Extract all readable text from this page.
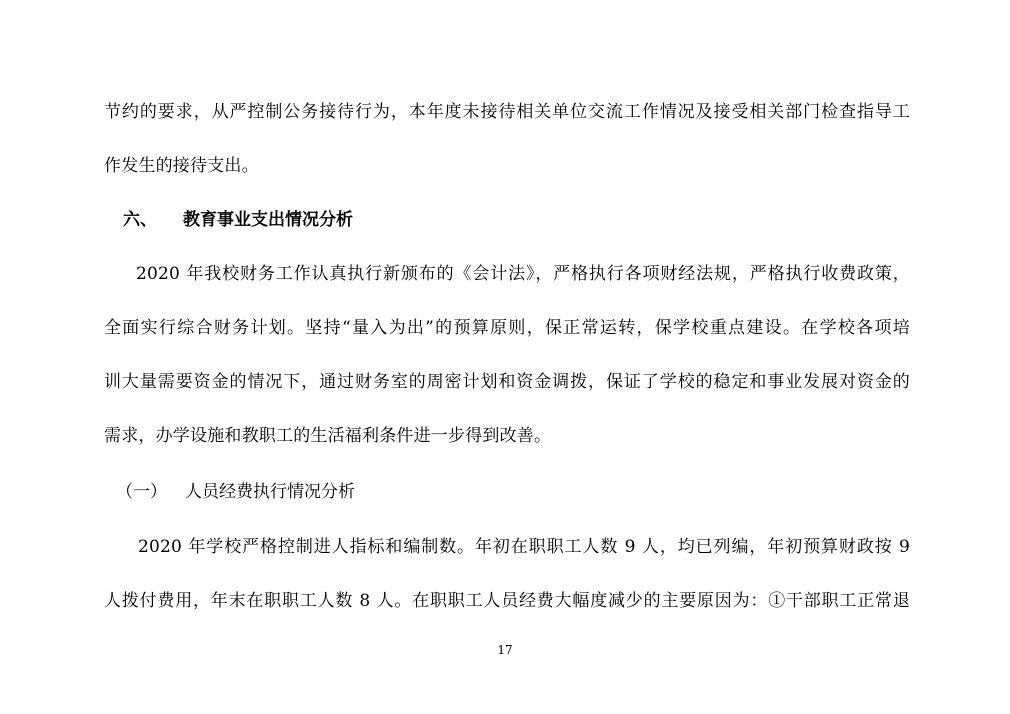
节约的要求，从严控制公务接待行为，本年度未接待相关单位交流工作情况及接受相关部门检查指导工
作发生的接待支出。
六、 教育事业支出情况分析
2020 年我校财务工作认真执行新颁布的《会计法》，严格执行各项财经法规，严格执行收费政策，
全面实行综合财务计划。坚持“量入为出”的预算原则，保正常运转，保学校重点建设。在学校各项培
训大量需要资金的情况下，通过财务室的周密计划和资金调拨，保证了学校的稳定和事业发展对资金的
需求，办学设施和教职工的生活福利条件进一步得到改善。
（一） 人员经费执行情况分析
2020 年学校严格控制进人指标和编制数。年初在职职工人数 9 人，均已列编，年初预算财政按 9
人拨付费用，年末在职职工人数 8 人。在职职工人员经费大幅度减少的主要原因为：①干部职工正常退
17
